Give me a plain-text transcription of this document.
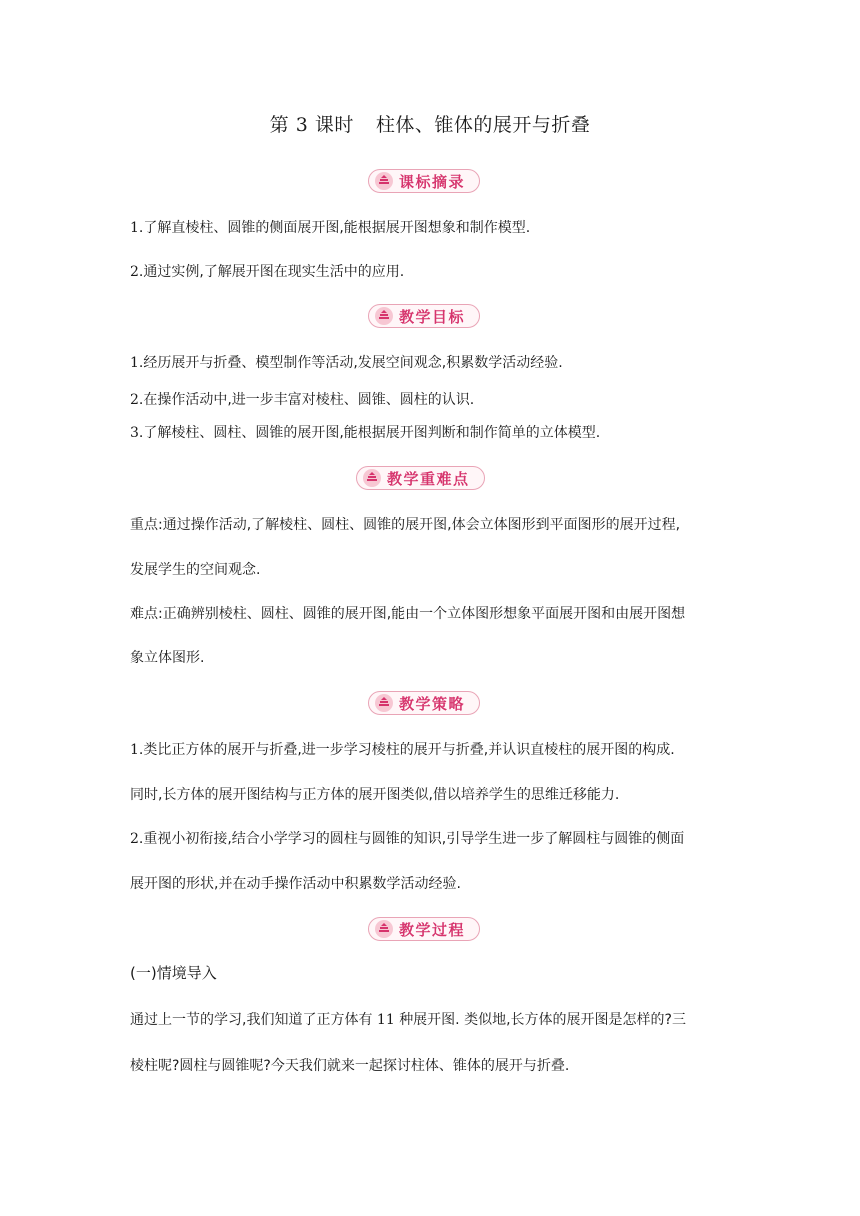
第 3 课时 柱体、锥体的展开与折叠
课标摘录
1.了解直棱柱、圆锥的侧面展开图,能根据展开图想象和制作模型.
2.通过实例,了解展开图在现实生活中的应用.
教学目标
1.经历展开与折叠、模型制作等活动,发展空间观念,积累数学活动经验.
2.在操作活动中,进一步丰富对棱柱、圆锥、圆柱的认识.
3.了解棱柱、圆柱、圆锥的展开图,能根据展开图判断和制作简单的立体模型.
教学重难点
重点:通过操作活动,了解棱柱、圆柱、圆锥的展开图,体会立体图形到平面图形的展开过程,
发展学生的空间观念.
难点:正确辨别棱柱、圆柱、圆锥的展开图,能由一个立体图形想象平面展开图和由展开图想
象立体图形.
教学策略
1.类比正方体的展开与折叠,进一步学习棱柱的展开与折叠,并认识直棱柱的展开图的构成.
同时,长方体的展开图结构与正方体的展开图类似,借以培养学生的思维迁移能力.
2.重视小初衔接,结合小学学习的圆柱与圆锥的知识,引导学生进一步了解圆柱与圆锥的侧面
展开图的形状,并在动手操作活动中积累数学活动经验.
教学过程
(一)情境导入
通过上一节的学习,我们知道了正方体有 11 种展开图. 类似地,长方体的展开图是怎样的?三
棱柱呢?圆柱与圆锥呢?今天我们就来一起探讨柱体、锥体的展开与折叠.
